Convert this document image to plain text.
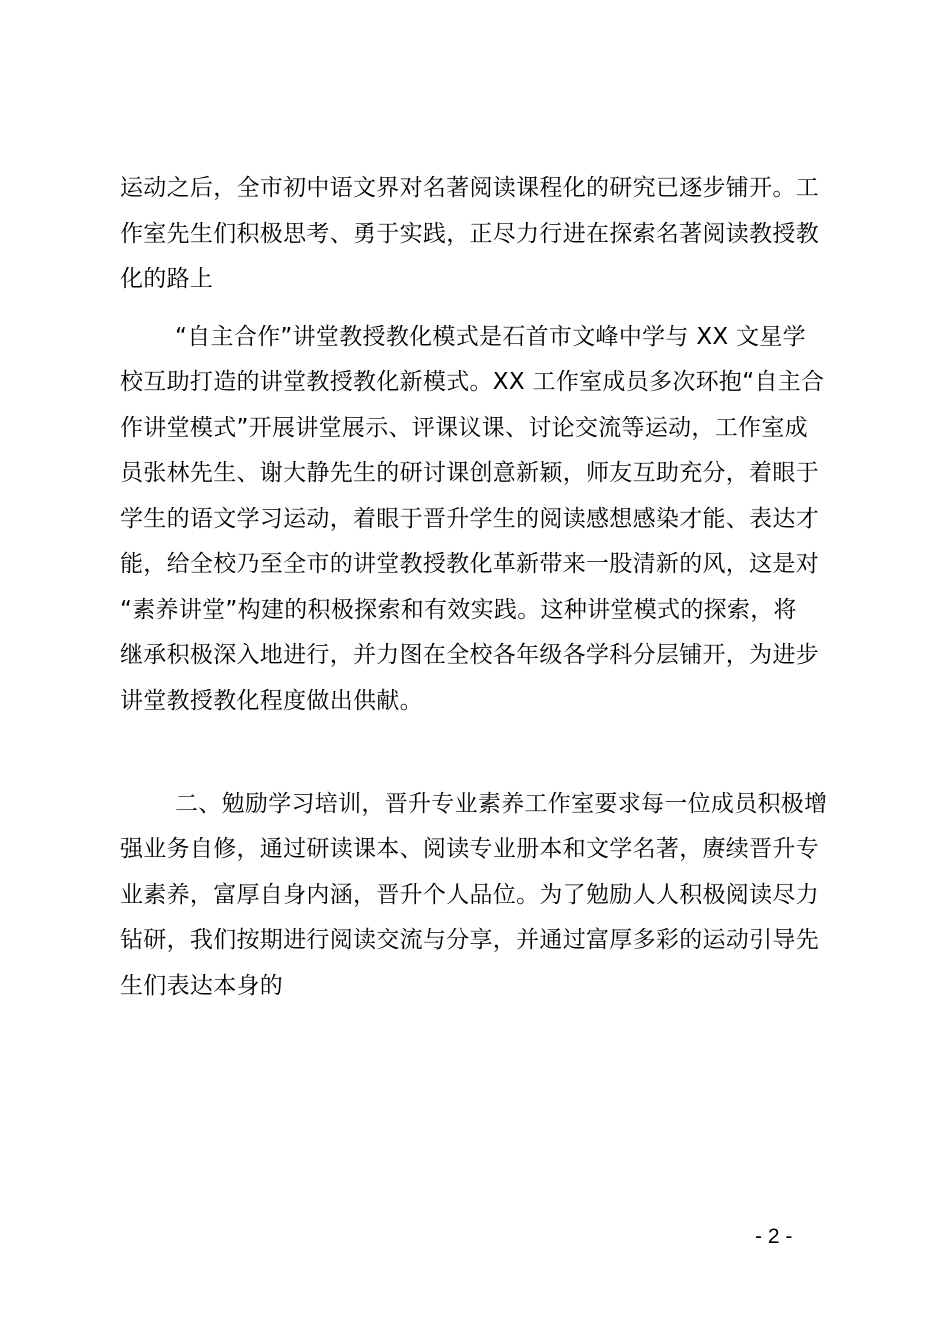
运动之后，全市初中语文界对名著阅读课程化的研究已逐步铺开。工
作室先生们积极思考、勇于实践，正尽力行进在探索名著阅读教授教
化的路上
“自主合作”讲堂教授教化模式是石首市文峰中学与 XX 文星学
校互助打造的讲堂教授教化新模式。XX 工作室成员多次环抱“自主合
作讲堂模式”开展讲堂展示、评课议课、讨论交流等运动，工作室成
员张林先生、谢大静先生的研讨课创意新颖，师友互助充分，着眼于
学生的语文学习运动，着眼于晋升学生的阅读感想感染才能、表达才
能，给全校乃至全市的讲堂教授教化革新带来一股清新的风，这是对
“素养讲堂”构建的积极探索和有效实践。这种讲堂模式的探索，将
继承积极深入地进行，并力图在全校各年级各学科分层铺开，为进步
讲堂教授教化程度做出供献。
二、勉励学习培训，晋升专业素养工作室要求每一位成员积极增
强业务自修，通过研读课本、阅读专业册本和文学名著，赓续晋升专
业素养，富厚自身内涵，晋升个人品位。为了勉励人人积极阅读尽力
钻研，我们按期进行阅读交流与分享，并通过富厚多彩的运动引导先
生们表达本身的
- 2 -
